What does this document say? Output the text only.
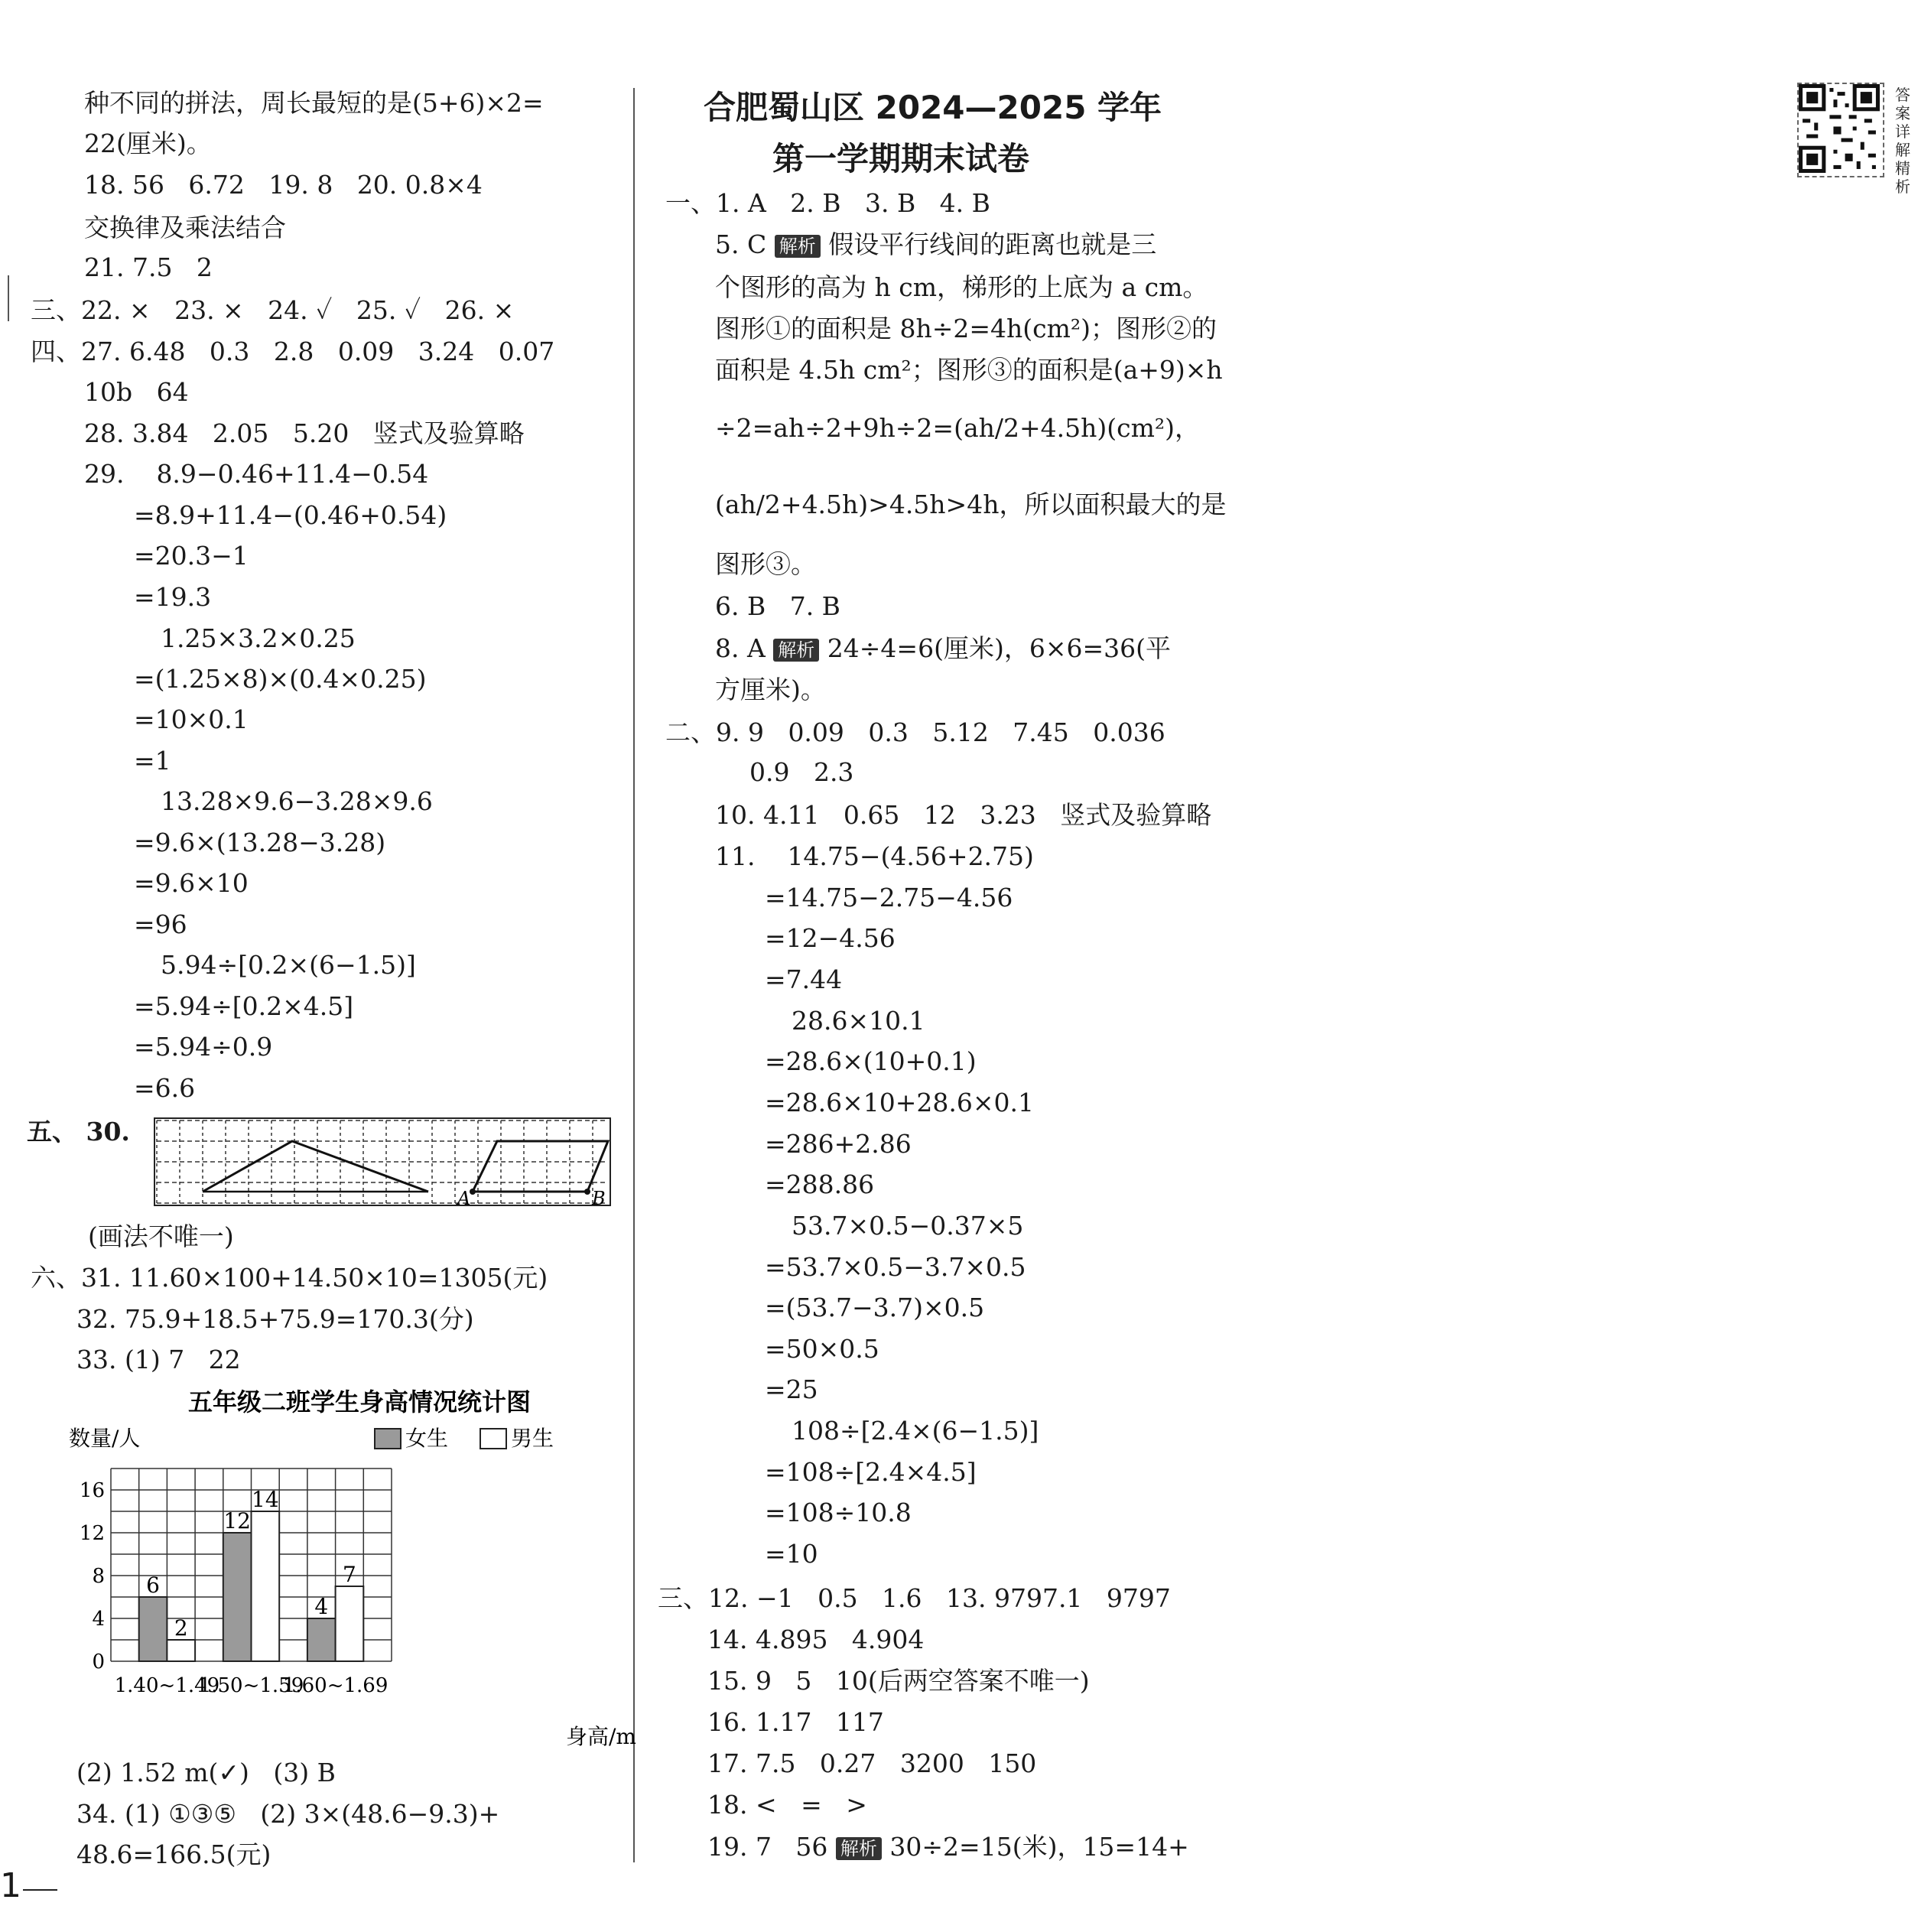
种不同的拼法，周长最短的是(5+6)×2=
22(厘米)。
18. 56   6.72   19. 8   20. 0.8×4
交换律及乘法结合
21. 7.5   2
三、22. ×   23. ×   24. ✓   25. ✓   26. ×
四、27. 6.48   0.3   2.8   0.09   3.24   0.07
10b   64
28. 3.84   2.05   5.20   竖式及验算略
29.    8.9−0.46+11.4−0.54
=8.9+11.4−(0.46+0.54)
=20.3−1
=19.3
1.25×3.2×0.25
=(1.25×8)×(0.4×0.25)
=10×0.1
=1
13.28×9.6−3.28×9.6
=9.6×(13.28−3.28)
=9.6×10
=96
5.94÷[0.2×(6−1.5)]
=5.94÷[0.2×4.5]
=5.94÷0.9
=6.6
五、 30.
A	B
(画法不唯一)
六、31. 11.60×100+14.50×10=1305(元)
32. 75.9+18.5+75.9=170.3(分)
33. (1) 7   22
五年级二班学生身高情况统计图
数量/人	女生	男生
0
4
8
12
16
6
2
1.40~1.49
12
14
1.50~1.59
4
7
1.60~1.69
身高/m
(2) 1.52 m(✓)   (3) B
34. (1) ①③⑤   (2) 3×(48.6−9.3)+
48.6=166.5(元)
合肥蜀山区 2024—2025 学年
第一学期期末试卷
答案详解精析
一、1. A   2. B   3. B   4. B
5. C 解析 假设平行线间的距离也就是三
个图形的高为 h cm，梯形的上底为 a cm。
图形①的面积是 8h÷2=4h(cm²)；图形②的
面积是 4.5h cm²；图形③的面积是(a+9)×h
÷2=ah÷2+9h÷2=(ah/2+4.5h)(cm²)，
(ah/2+4.5h)>4.5h>4h，所以面积最大的是
图形③。
6. B   7. B
8. A 解析 24÷4=6(厘米)，6×6=36(平
方厘米)。
二、9. 9   0.09   0.3   5.12   7.45   0.036
0.9   2.3
10. 4.11   0.65   12   3.23   竖式及验算略
11.    14.75−(4.56+2.75)
=14.75−2.75−4.56
=12−4.56
=7.44
28.6×10.1
=28.6×(10+0.1)
=28.6×10+28.6×0.1
=286+2.86
=288.86
53.7×0.5−0.37×5
=53.7×0.5−3.7×0.5
=(53.7−3.7)×0.5
=50×0.5
=25
108÷[2.4×(6−1.5)]
=108÷[2.4×4.5]
=108÷10.8
=10
三、12. −1   0.5   1.6   13. 9797.1   9797
14. 4.895   4.904
15. 9   5   10(后两空答案不唯一)
16. 1.17   117
17. 7.5   0.27   3200   150
18. <   =   >
19. 7   56 解析 30÷2=15(米)，15=14+
1
